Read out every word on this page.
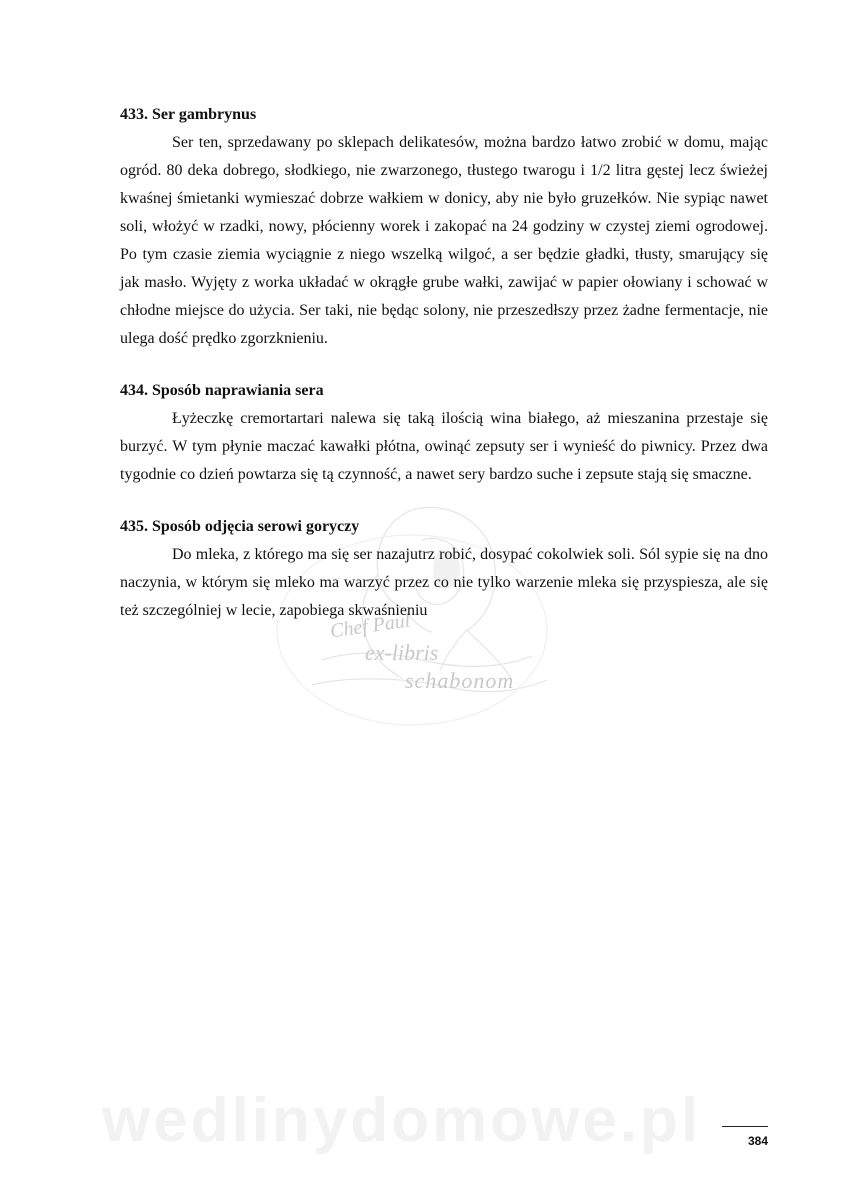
Chef Paul
ex-libris
schabonom
433. Ser gambrynus

Ser ten, sprzedawany po sklepach delikatesów, można bardzo łatwo zrobić w domu, mając ogród. 80 deka dobrego, słodkiego, nie zwarzonego, tłustego twarogu i 1/2 litra gęstej lecz świeżej kwaśnej śmietanki wymieszać dobrze wałkiem w donicy, aby nie było gruzełków. Nie sypiąc nawet soli, włożyć w rzadki, nowy, płócienny worek i zakopać na 24 godziny w czystej ziemi ogrodowej. Po tym czasie ziemia wyciągnie z niego wszelką wilgoć, a ser będzie gładki, tłusty, smarujący się jak masło. Wyjęty z worka układać w okrągłe grube wałki, zawijać w papier ołowiany i schować w chłodne miejsce do użycia. Ser taki, nie będąc solony, nie przeszedłszy przez żadne fermentacje, nie ulega dość prędko zgorzknieniu.

434. Sposób naprawiania sera

Łyżeczkę cremortartari nalewa się taką ilością wina białego, aż mieszanina przestaje się burzyć. W tym płynie maczać kawałki płótna, owinąć zepsuty ser i wynieść do piwnicy. Przez dwa tygodnie co dzień powtarza się tą czynność, a nawet sery bardzo suche i zepsute stają się smaczne.

435. Sposób odjęcia serowi goryczy

Do mleka, z którego ma się ser nazajutrz robić, dosypać cokolwiek soli. Sól sypie się na dno naczynia, w którym się mleko ma warzyć przez co nie tylko warzenie mleka się przyspiesza, ale się też szczególniej w lecie, zapobiega skwaśnieniu

wedlinydomowe.pl	384
